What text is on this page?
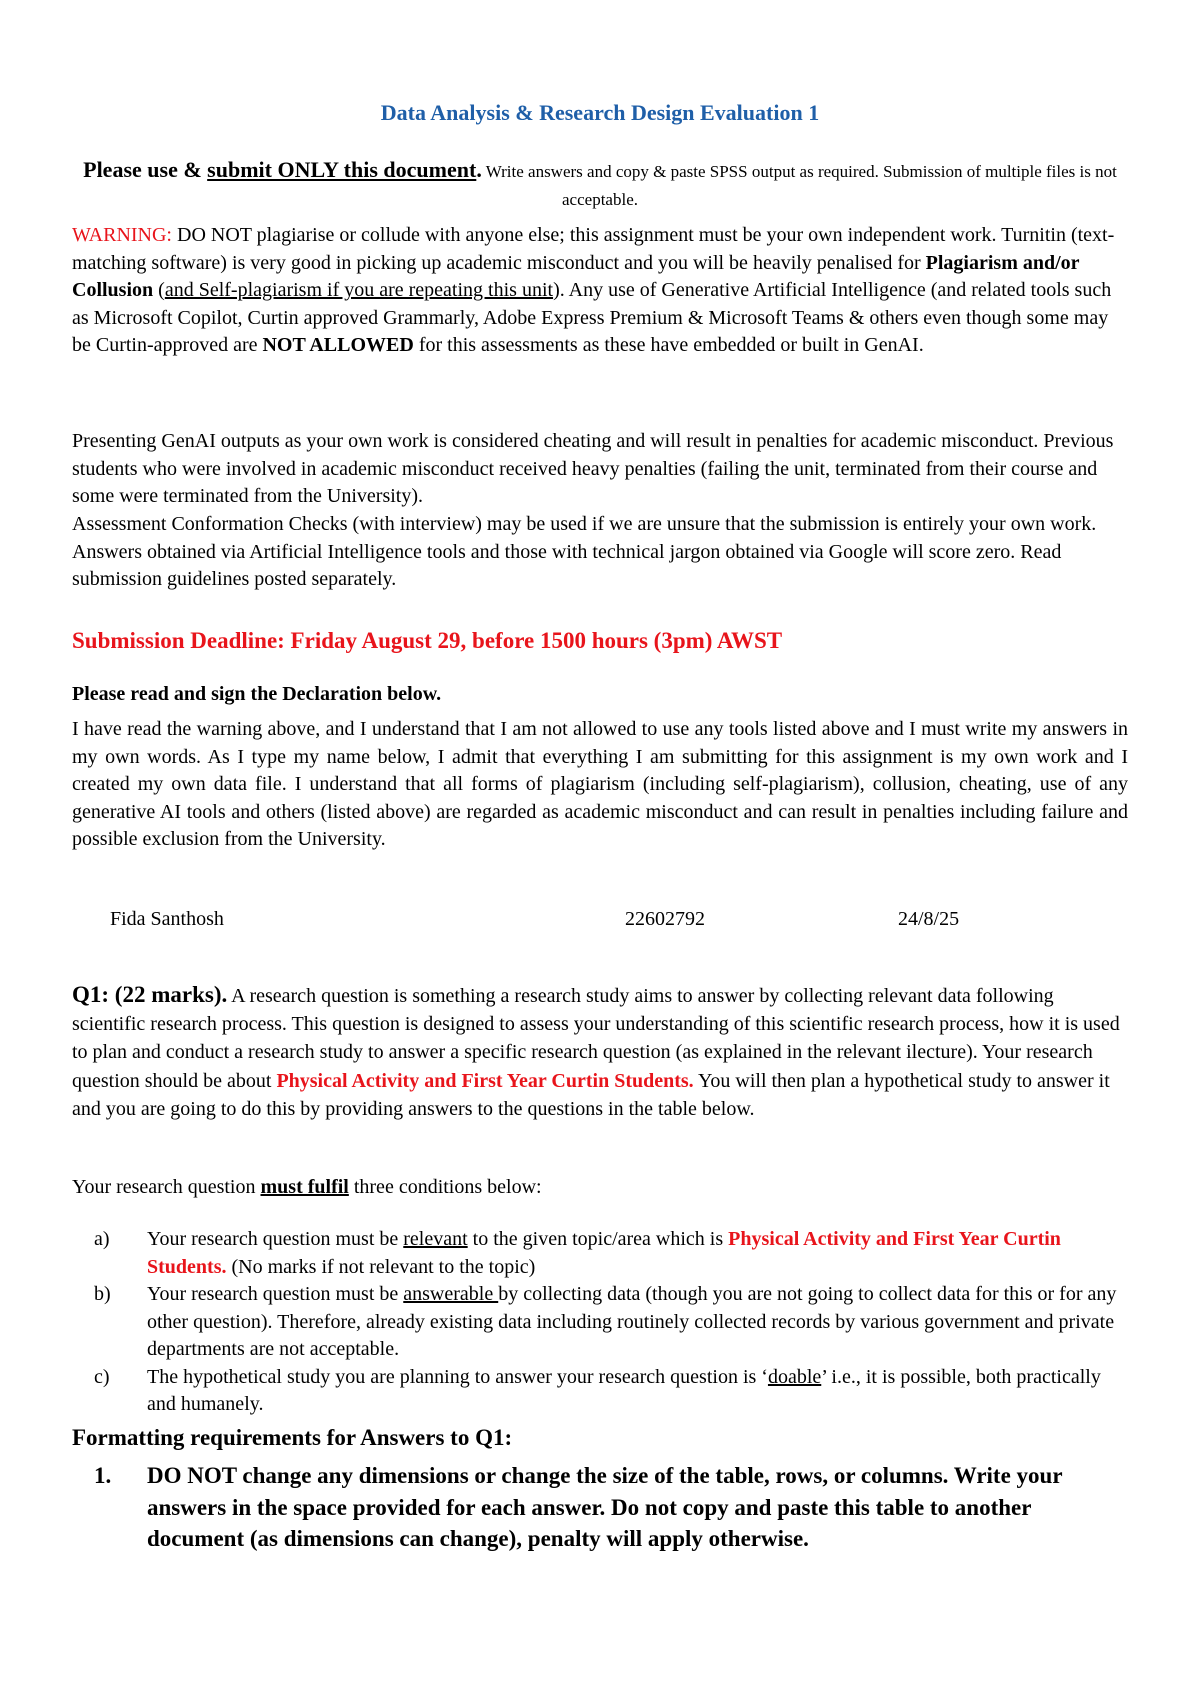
Data Analysis & Research Design Evaluation 1

Please use & submit ONLY this document. Write answers and copy & paste SPSS output as required. Submission of multiple files is not acceptable.

WARNING: DO NOT plagiarise or collude with anyone else; this assignment must be your own independent work. Turnitin (text-matching software) is very good in picking up academic misconduct and you will be heavily penalised for Plagiarism and/or Collusion (and Self-plagiarism if you are repeating this unit). Any use of Generative Artificial Intelligence (and related tools such as Microsoft Copilot, Curtin approved Grammarly, Adobe Express Premium & Microsoft Teams & others even though some may be Curtin-approved are NOT ALLOWED for this assessments as these have embedded or built in GenAI.

Presenting GenAI outputs as your own work is considered cheating and will result in penalties for academic misconduct. Previous students who were involved in academic misconduct received heavy penalties (failing the unit, terminated from their course and some were terminated from the University).

Assessment Conformation Checks (with interview) may be used if we are unsure that the submission is entirely your own work. Answers obtained via Artificial Intelligence tools and those with technical jargon obtained via Google will score zero. Read submission guidelines posted separately.

Submission Deadline: Friday August 29, before 1500 hours (3pm) AWST

Please read and sign the Declaration below.

I have read the warning above, and I understand that I am not allowed to use any tools listed above and I must write my answers in my own words. As I type my name below, I admit that everything I am submitting for this assignment is my own work and I created my own data file. I understand that all forms of plagiarism (including self-plagiarism), collusion, cheating, use of any generative AI tools and others (listed above) are regarded as academic misconduct and can result in penalties including failure and possible exclusion from the University.

Fida Santhosh	22602792	24/8/25

Q1: (22 marks). A research question is something a research study aims to answer by collecting relevant data following scientific research process. This question is designed to assess your understanding of this scientific research process, how it is used to plan and conduct a research study to answer a specific research question (as explained in the relevant ilecture). Your research question should be about Physical Activity and First Year Curtin Students. You will then plan a hypothetical study to answer it and you are going to do this by providing answers to the questions in the table below.

Your research question must fulfil three conditions below:

a) Your research question must be relevant to the given topic/area which is Physical Activity and First Year Curtin Students. (No marks if not relevant to the topic)
b) Your research question must be answerable by collecting data (though you are not going to collect data for this or for any other question). Therefore, already existing data including routinely collected records by various government and private departments are not acceptable.
c) The hypothetical study you are planning to answer your research question is ‘doable’ i.e., it is possible, both practically and humanely.

Formatting requirements for Answers to Q1:

1. DO NOT change any dimensions or change the size of the table, rows, or columns. Write your answers in the space provided for each answer. Do not copy and paste this table to another document (as dimensions can change), penalty will apply otherwise.
